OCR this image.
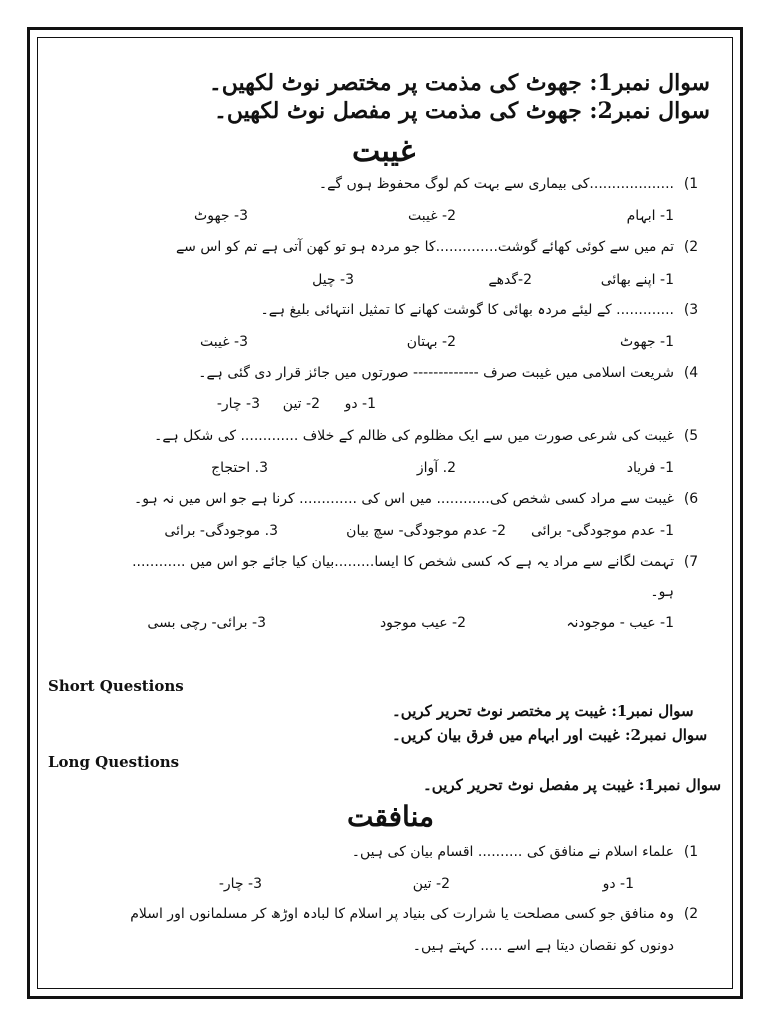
سوال نمبر1: جھوٹ کی مذمت پر مختصر نوٹ لکھیں۔
سوال نمبر2: جھوٹ کی مذمت پر مفصل نوٹ لکھیں۔
غیبت
(1
...................کی بیماری سے بہت کم لوگ محفوظ ہوں گے۔
1- ابہام
2- غیبت
3- جھوٹ
(2
تم میں سے کوئی کھائے گوشت..............کا جو مردہ ہو تو کھن آتی ہے تم کو اس سے
1- اپنے بھائی
2-گدھے
3- چیل
(3
............. کے لیئے مردہ بھائی کا گوشت کھانے کا تمثیل انتہائی بلیغ ہے۔
1- جھوٹ
2- بہتان
3- غیبت
(4
شریعت اسلامی میں غیبت صرف ------------- صورتوں میں جائز قرار دی گئی ہے۔
1- دو
2- تین
3- چار-
(5
غیبت کی شرعی صورت میں سے ایک مظلوم کی ظالم کے خلاف ............. کی شکل ہے۔
1- فریاد
2. آواز
3. احتجاج
(6
غیبت سے مراد کسی شخص کی............ میں اس کی ............. کرنا ہے جو اس میں نہ ہو۔
1- عدم موجودگی- برائی
2- عدم موجودگی- سچ بیان
3. موجودگی- برائی
(7
تہمت لگانے سے مراد یہ ہے کہ کسی شخص کا ایسا.........بیان کیا جائے جو اس میں ............
ہو۔
1- عیب - موجودنہ
2- عیب موجود
3- برائی- رچی بسی
Short Questions
سوال نمبر1: غیبت پر مختصر نوٹ تحریر کریں۔
سوال نمبر2: غیبت اور ابہام میں فرق بیان کریں۔
Long Questions
سوال نمبر1: غیبت پر مفصل نوٹ تحریر کریں۔
منافقت
(1
علماء اسلام نے منافق کی .......... اقسام بیان کی ہیں۔
1- دو
2- تین
3- چار-
(2
وہ منافق جو کسی مصلحت یا شرارت کی بنیاد پر اسلام کا لبادہ اوڑھ کر مسلمانوں اور اسلام
دونوں کو نقصان دیتا ہے اسے ..... کہتے ہیں۔
